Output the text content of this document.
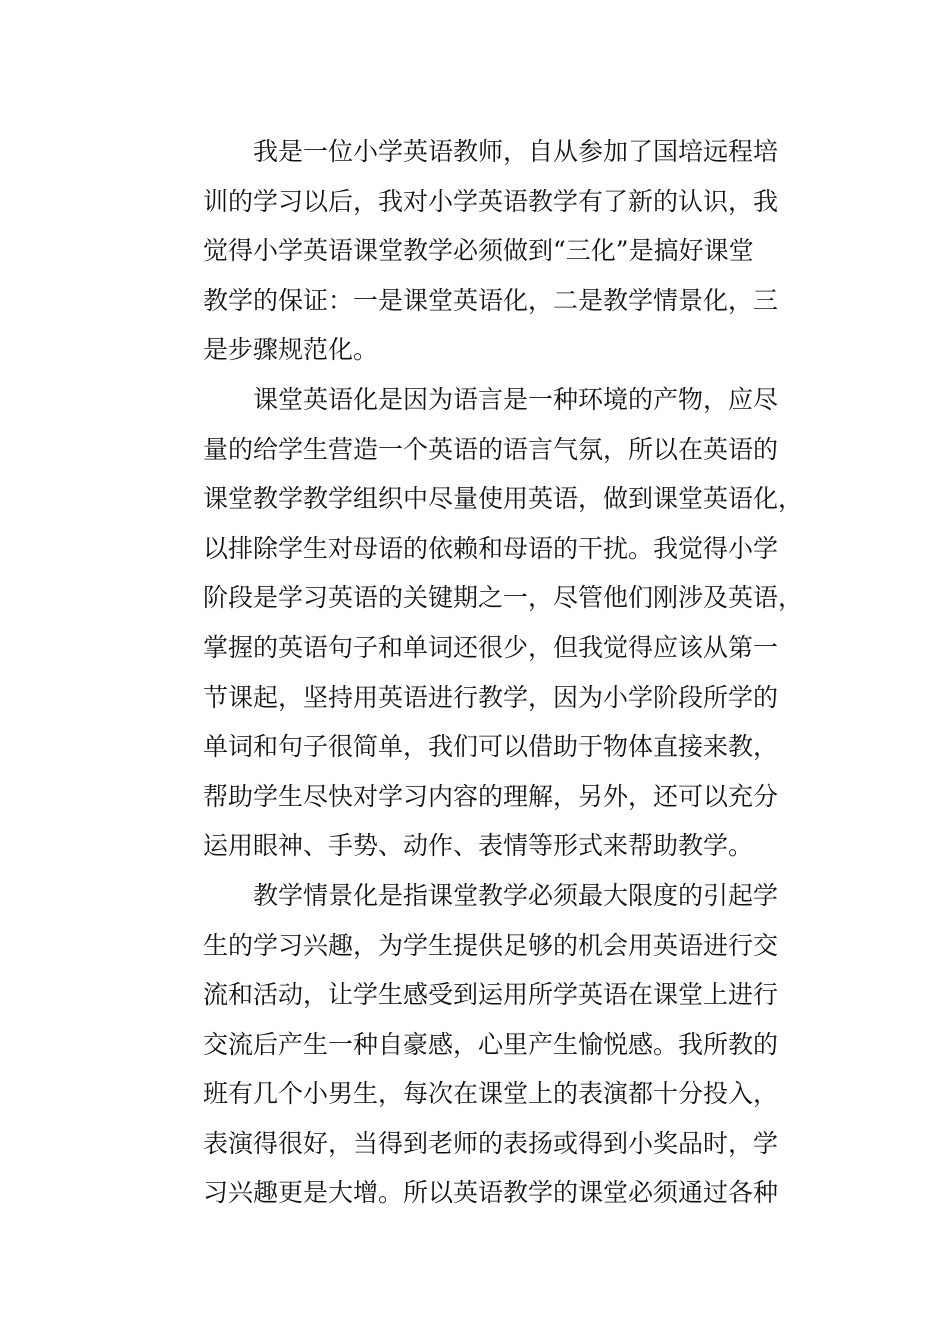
我是一位小学英语教师，自从参加了国培远程培
训的学习以后，我对小学英语教学有了新的认识，我
觉得小学英语课堂教学必须做到“三化”是搞好课堂
教学的保证：一是课堂英语化，二是教学情景化，三
是步骤规范化。
课堂英语化是因为语言是一种环境的产物，应尽
量的给学生营造一个英语的语言气氛，所以在英语的
课堂教学教学组织中尽量使用英语，做到课堂英语化，
以排除学生对母语的依赖和母语的干扰。我觉得小学
阶段是学习英语的关键期之一，尽管他们刚涉及英语，
掌握的英语句子和单词还很少，但我觉得应该从第一
节课起，坚持用英语进行教学，因为小学阶段所学的
单词和句子很简单，我们可以借助于物体直接来教，
帮助学生尽快对学习内容的理解，另外，还可以充分
运用眼神、手势、动作、表情等形式来帮助教学。
教学情景化是指课堂教学必须最大限度的引起学
生的学习兴趣，为学生提供足够的机会用英语进行交
流和活动，让学生感受到运用所学英语在课堂上进行
交流后产生一种自豪感，心里产生愉悦感。我所教的
班有几个小男生，每次在课堂上的表演都十分投入，
表演得很好，当得到老师的表扬或得到小奖品时，学
习兴趣更是大增。所以英语教学的课堂必须通过各种
